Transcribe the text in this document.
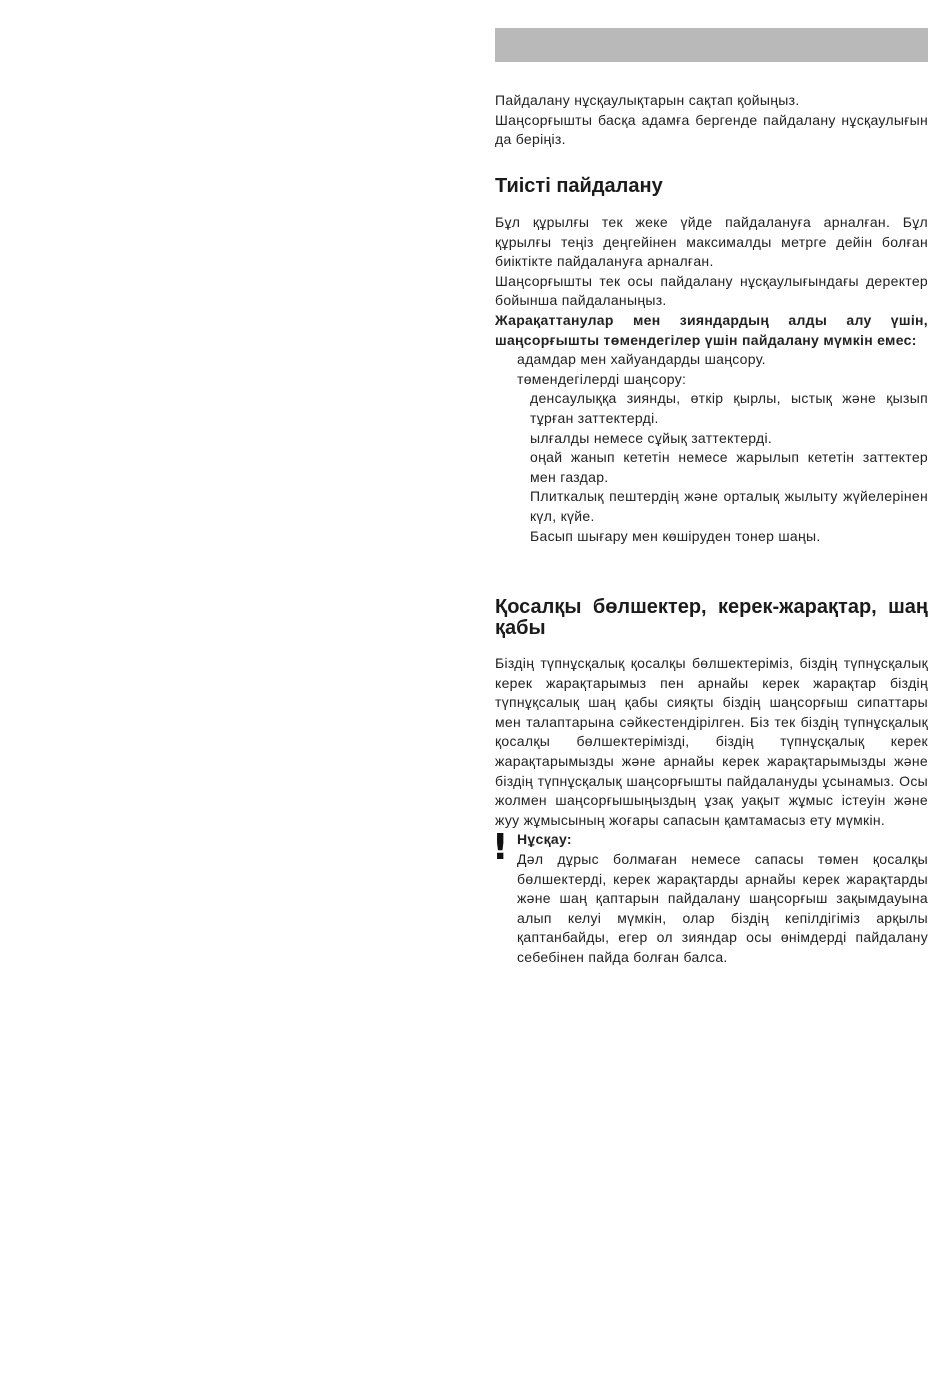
Пайдалану нұсқаулықтарын сақтап қойыңыз.

Шаңсорғышты басқа адамға бергенде пайдалану нұсқаулығын да беріңіз.

Тиісті пайдалану

Бұл құрылғы тек жеке үйде пайдалануға арналған. Бұл құрылғы теңіз деңгейінен максималды метрге дейін болған биіктікте пайдалануға арналған.

Шаңсорғышты тек осы пайдалану нұсқаулығындағы деректер бойынша пайдаланыңыз.

Жарақаттанулар мен зияндардың алды алу үшін, шаңсорғышты төмендегілер үшін пайдалану мүмкін емес:

адамдар мен хайуандарды шаңсору.

төмендегілерді шаңсору:

денсаулыққа зиянды, өткір қырлы, ыстық және қызып тұрған заттектерді.

ылғалды немесе сұйық заттектерді.

оңай жанып кететін немесе жарылып кететін заттектер мен газдар.

Плиткалық пештердің және орталық жылыту жүйелерінен күл, күйе.

Басып шығару мен көшіруден тонер шаңы.

Қосалқы бөлшектер, керек-жарақтар, шаң қабы

Біздің түпнұсқалық қосалқы бөлшектеріміз, біздің түпнұсқалық керек жарақтарымыз пен арнайы керек жарақтар біздің түпнұқсалық шаң қабы сияқты біздің шаңсорғыш сипаттары мен талаптарына сәйкестендірілген. Біз тек біздің түпнұсқалық қосалқы бөлшектерімізді, біздің түпнұсқалық керек жарақтарымызды және арнайы керек жарақтарымызды және біздің түпнұсқалық шаңсорғышты пайдалануды ұсынамыз. Осы жолмен шаңсорғышыңыздың ұзақ уақыт жұмыс істеуін және жуу жұмысының жоғары сапасын қамтамасыз ету мүмкін.

! Нұсқау:

Дәл дұрыс болмаған немесе сапасы төмен қосалқы бөлшектерді, керек жарақтарды арнайы керек жарақтарды және шаң қаптарын пайдалану шаңсорғыш зақымдауына алып келуі мүмкін, олар біздің кепілдігіміз арқылы қаптанбайды, егер ол зияндар осы өнімдерді пайдалану себебінен пайда болған балса.
